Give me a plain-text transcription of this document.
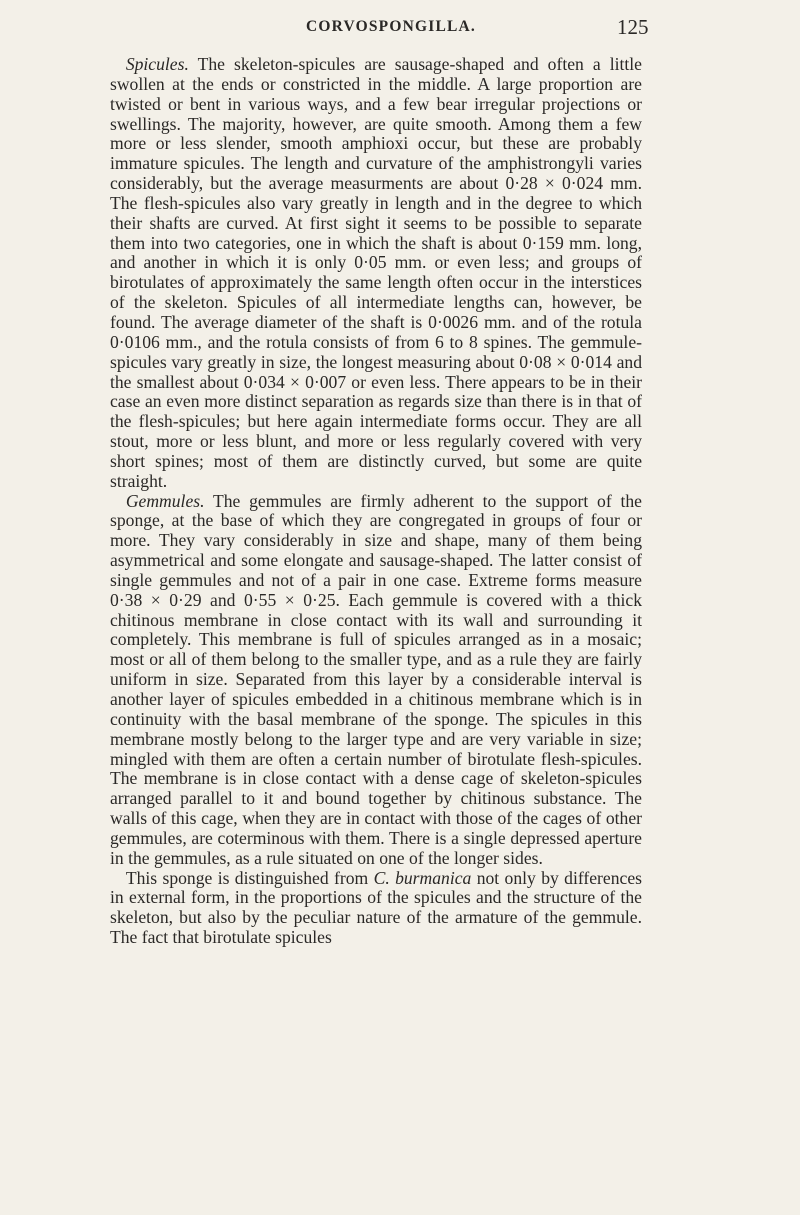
CORVOSPONGILLA.	125

Spicules. The skeleton-spicules are sausage-shaped and often a little swollen at the ends or constricted in the middle. A large proportion are twisted or bent in various ways, and a few bear irregular projections or swellings. The majority, however, are quite smooth. Among them a few more or less slender, smooth amphioxi occur, but these are probably immature spicules. The length and curvature of the amphistrongyli varies considerably, but the average measurments are about 0·28 × 0·024 mm. The flesh-spicules also vary greatly in length and in the degree to which their shafts are curved. At first sight it seems to be possible to separate them into two categories, one in which the shaft is about 0·159 mm. long, and another in which it is only 0·05 mm. or even less; and groups of birotulates of approximately the same length often occur in the interstices of the skeleton. Spicules of all intermediate lengths can, however, be found. The average diameter of the shaft is 0·0026 mm. and of the rotula 0·0106 mm., and the rotula consists of from 6 to 8 spines. The gemmule-spicules vary greatly in size, the longest measuring about 0·08 × 0·014 and the smallest about 0·034 × 0·007 or even less. There appears to be in their case an even more distinct separation as regards size than there is in that of the flesh-spicules; but here again intermediate forms occur. They are all stout, more or less blunt, and more or less regularly covered with very short spines; most of them are distinctly curved, but some are quite straight.

Gemmules. The gemmules are firmly adherent to the support of the sponge, at the base of which they are congregated in groups of four or more. They vary considerably in size and shape, many of them being asymmetrical and some elongate and sausage-shaped. The latter consist of single gemmules and not of a pair in one case. Extreme forms measure 0·38 × 0·29 and 0·55 × 0·25. Each gemmule is covered with a thick chitinous membrane in close contact with its wall and surrounding it completely. This membrane is full of spicules arranged as in a mosaic; most or all of them belong to the smaller type, and as a rule they are fairly uniform in size. Separated from this layer by a considerable interval is another layer of spicules embedded in a chitinous membrane which is in continuity with the basal membrane of the sponge. The spicules in this membrane mostly belong to the larger type and are very variable in size; mingled with them are often a certain number of birotulate flesh-spicules. The membrane is in close contact with a dense cage of skeleton-spicules arranged parallel to it and bound together by chitinous substance. The walls of this cage, when they are in contact with those of the cages of other gemmules, are coterminous with them. There is a single depressed aperture in the gemmules, as a rule situated on one of the longer sides.

This sponge is distinguished from C. burmanica not only by differences in external form, in the proportions of the spicules and the structure of the skeleton, but also by the peculiar nature of the armature of the gemmule. The fact that birotulate spicules
